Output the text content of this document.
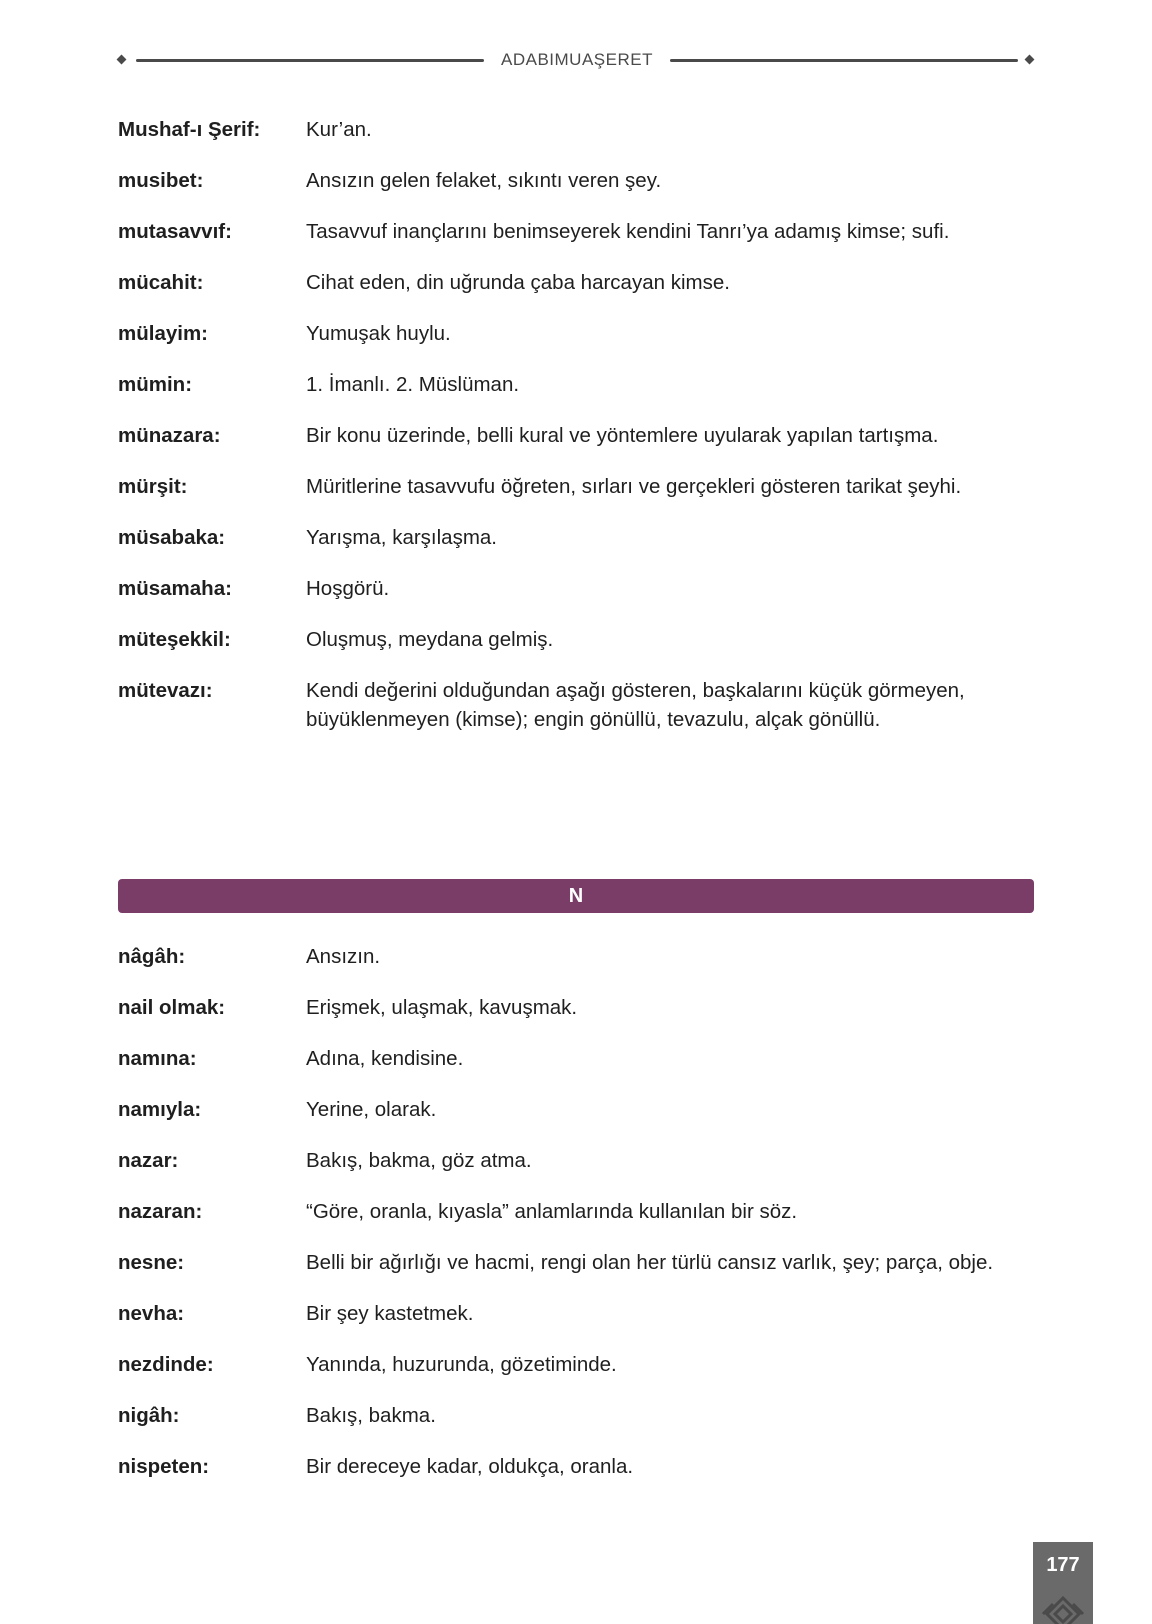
ADABIMUAŞERET
Mushaf-ı Şerif:	Kur’an.
musibet:	Ansızın gelen felaket, sıkıntı veren şey.
mutasavvıf:	Tasavvuf inançlarını benimseyerek kendini Tanrı’ya adamış kimse; sufi.
mücahit:	Cihat eden, din uğrunda çaba harcayan kimse.
mülayim:	Yumuşak huylu.
mümin:	1. İmanlı. 2. Müslüman.
münazara:	Bir konu üzerinde, belli kural ve yöntemlere uyularak yapılan tartışma.
mürşit:	Müritlerine tasavvufu öğreten, sırları ve gerçekleri gösteren tarikat şeyhi.
müsabaka:	Yarışma, karşılaşma.
müsamaha:	Hoşgörü.
müteşekkil:	Oluşmuş, meydana gelmiş.
mütevazı:	Kendi değerini olduğundan aşağı gösteren, başkalarını küçük görmeyen, büyüklenmeyen (kimse); engin gönüllü, tevazulu, alçak gönüllü.
N
nâgâh:	Ansızın.
nail olmak:	Erişmek, ulaşmak, kavuşmak.
namına:	Adına, kendisine.
namıyla:	Yerine, olarak.
nazar:	Bakış, bakma, göz atma.
nazaran:	“Göre, oranla, kıyasla” anlamlarında kullanılan bir söz.
nesne:	Belli bir ağırlığı ve hacmi, rengi olan her türlü cansız varlık, şey; parça, obje.
nevha:	Bir şey kastetmek.
nezdinde:	Yanında, huzurunda, gözetiminde.
nigâh:	Bakış, bakma.
nispeten:	Bir dereceye kadar, oldukça, oranla.
177
